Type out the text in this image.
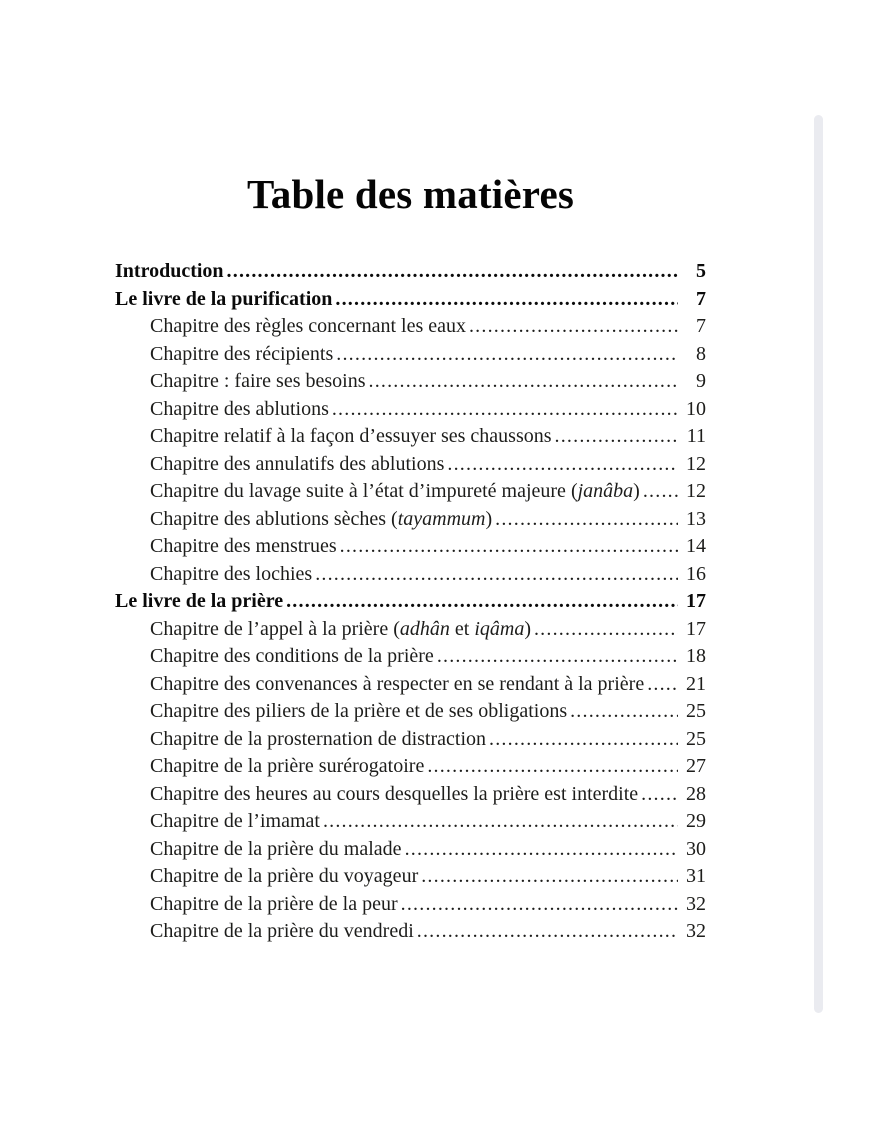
Table des matières
Introduction .....	5
Le livre de la purification .....	7
Chapitre des règles concernant les eaux .....	7
Chapitre des récipients .....	8
Chapitre : faire ses besoins .....	9
Chapitre des ablutions .....	10
Chapitre relatif à la façon d’essuyer ses chaussons .....	11
Chapitre des annulatifs des ablutions .....	12
Chapitre du lavage suite à l’état d’impureté majeure (janâba) ..... 12
Chapitre des ablutions sèches (tayammum) .....	13
Chapitre des menstrues .....	14
Chapitre des lochies .....	16
Le livre de la prière .....	17
Chapitre de l’appel à la prière (adhân et iqâma) .....	17
Chapitre des conditions de la prière .....	18
Chapitre des convenances à respecter en se rendant à la prière ..... 21
Chapitre des piliers de la prière et de ses obligations .....	25
Chapitre de la prosternation de distraction .....	25
Chapitre de la prière surérogatoire .....	27
Chapitre des heures au cours desquelles la prière est interdite ..... 28
Chapitre de l’imamat .....	29
Chapitre de la prière du malade .....	30
Chapitre de la prière du voyageur .....	31
Chapitre de la prière de la peur .....	32
Chapitre de la prière du vendredi .....	32
